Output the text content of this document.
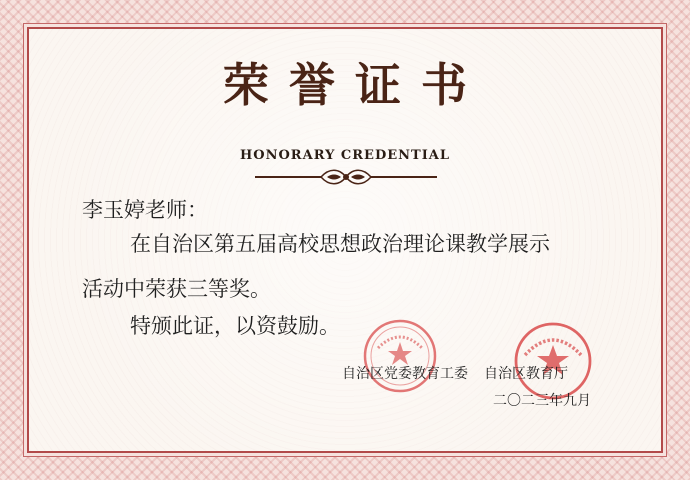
荣誉证书
HONORARY CREDENTIAL
李玉婷老师：
在自治区第五届高校思想政治理论课教学展示
活动中荣获三等奖。
特颁此证，以资鼓励。
自治区党委教育工委 自治区教育厅
二〇二三年九月
